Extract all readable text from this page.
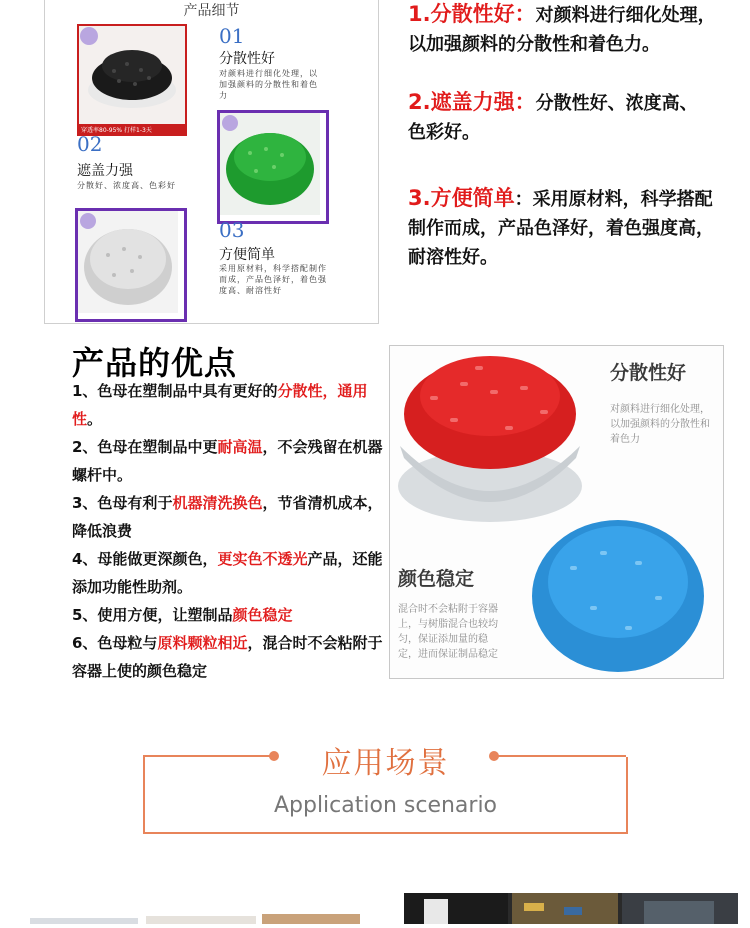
产品细节
穿透率80-95% 打样1-3天
01
分散性好
对颜料进行细化处理，以加强颜料的分散性和着色力
02
遮盖力强
分散好、浓度高、色彩好
03
方便简单
采用原材料，科学搭配制作而成，产品色泽好，着色强度高、耐溶性好
1.分散性好：对颜料进行细化处理，以加强颜料的分散性和着色力。
2.遮盖力强：分散性好、浓度高、色彩好。
3.方便简单：采用原材料，科学搭配制作而成，产品色泽好，着色强度高，耐溶性好。
产品的优点
1、色母在塑制品中具有更好的分散性，通用性。
2、色母在塑制品中更耐高温，不会残留在机器螺杆中。
3、色母有利于机器清洗换色，节省清机成本，降低浪费
4、母能做更深颜色，更实色不透光产品，还能添加功能性助剂。
5、使用方便，让塑制品颜色稳定
6、色母粒与原料颗粒相近，混合时不会粘附于容器上使的颜色稳定
分散性好
对颜料进行细化处理，以加强颜料的分散性和着色力
颜色稳定
混合时不会粘附于容器上，与树脂混合也较均匀，保证添加量的稳定，进而保证制品稳定
应用场景
Application scenario
